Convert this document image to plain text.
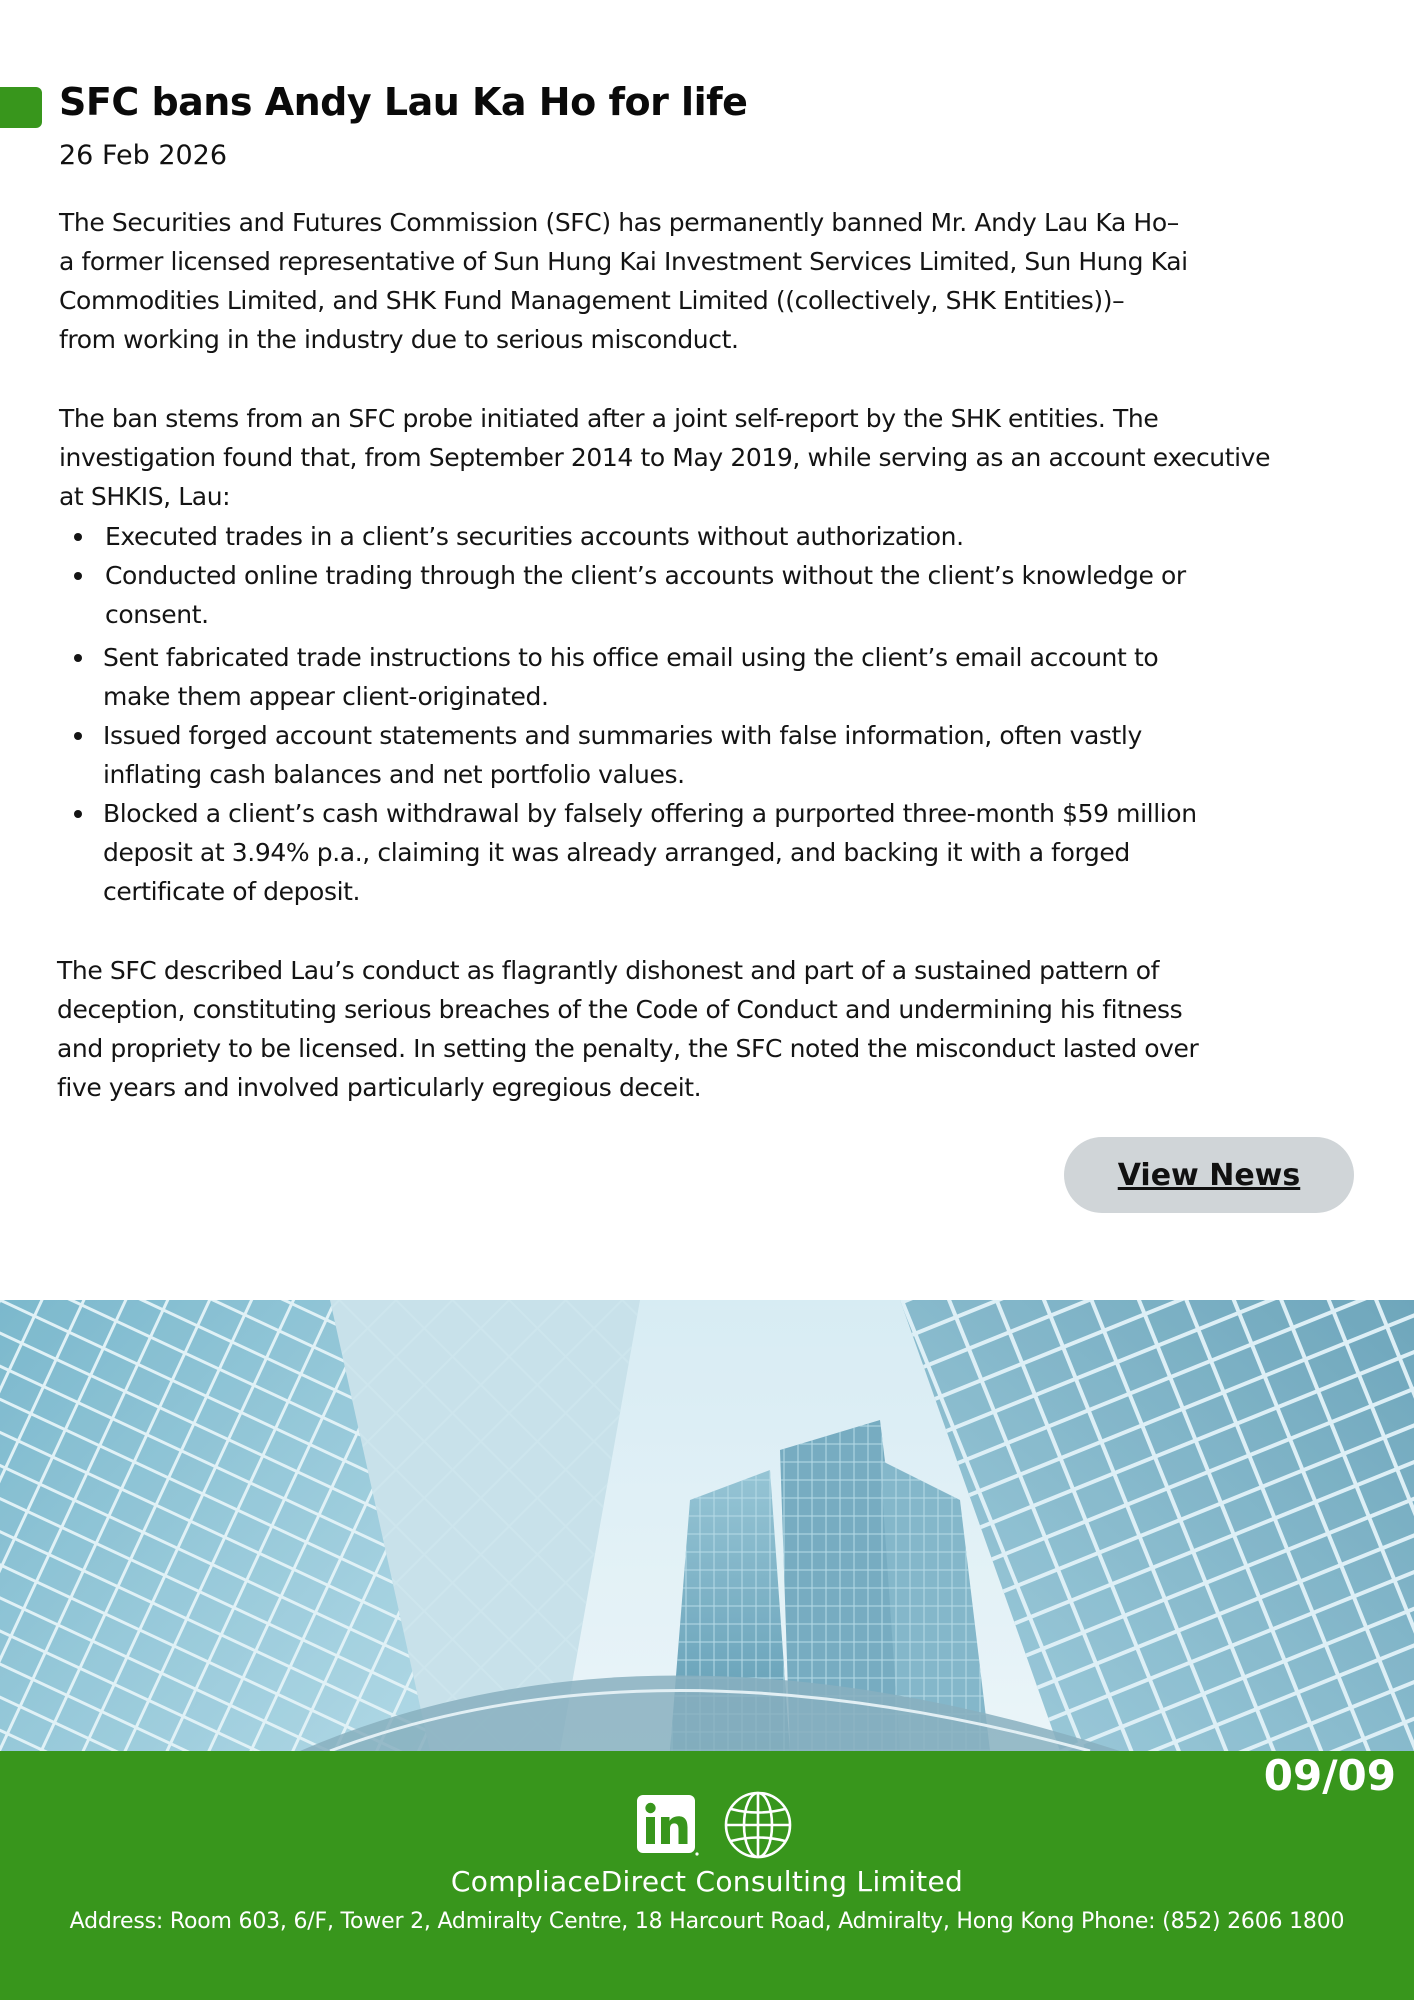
SFC bans Andy Lau Ka Ho for life
26 Feb 2026
The Securities and Futures Commission (SFC) has permanently banned Mr. Andy Lau Ka Ho–
a former licensed representative of Sun Hung Kai Investment Services Limited, Sun Hung Kai
Commodities Limited, and SHK Fund Management Limited ((collectively, SHK Entities))–
from working in the industry due to serious misconduct.
The ban stems from an SFC probe initiated after a joint self-report by the SHK entities. The
investigation found that, from September 2014 to May 2019, while serving as an account executive
at SHKIS, Lau:
Executed trades in a client’s securities accounts without authorization.
Conducted online trading through the client’s accounts without the client’s knowledge or
consent.
Sent fabricated trade instructions to his office email using the client’s email account to
make them appear client-originated.
Issued forged account statements and summaries with false information, often vastly
inflating cash balances and net portfolio values.
Blocked a client’s cash withdrawal by falsely offering a purported three-month $59 million
deposit at 3.94% p.a., claiming it was already arranged, and backing it with a forged
certificate of deposit.
The SFC described Lau’s conduct as flagrantly dishonest and part of a sustained pattern of
deception, constituting serious breaches of the Code of Conduct and undermining his fitness
and propriety to be licensed. In setting the penalty, the SFC noted the misconduct lasted over
five years and involved particularly egregious deceit.
View News
09/09
CompliaceDirect Consulting Limited
Address: Room 603, 6/F, Tower 2, Admiralty Centre, 18 Harcourt Road, Admiralty, Hong Kong Phone: (852) 2606 1800
